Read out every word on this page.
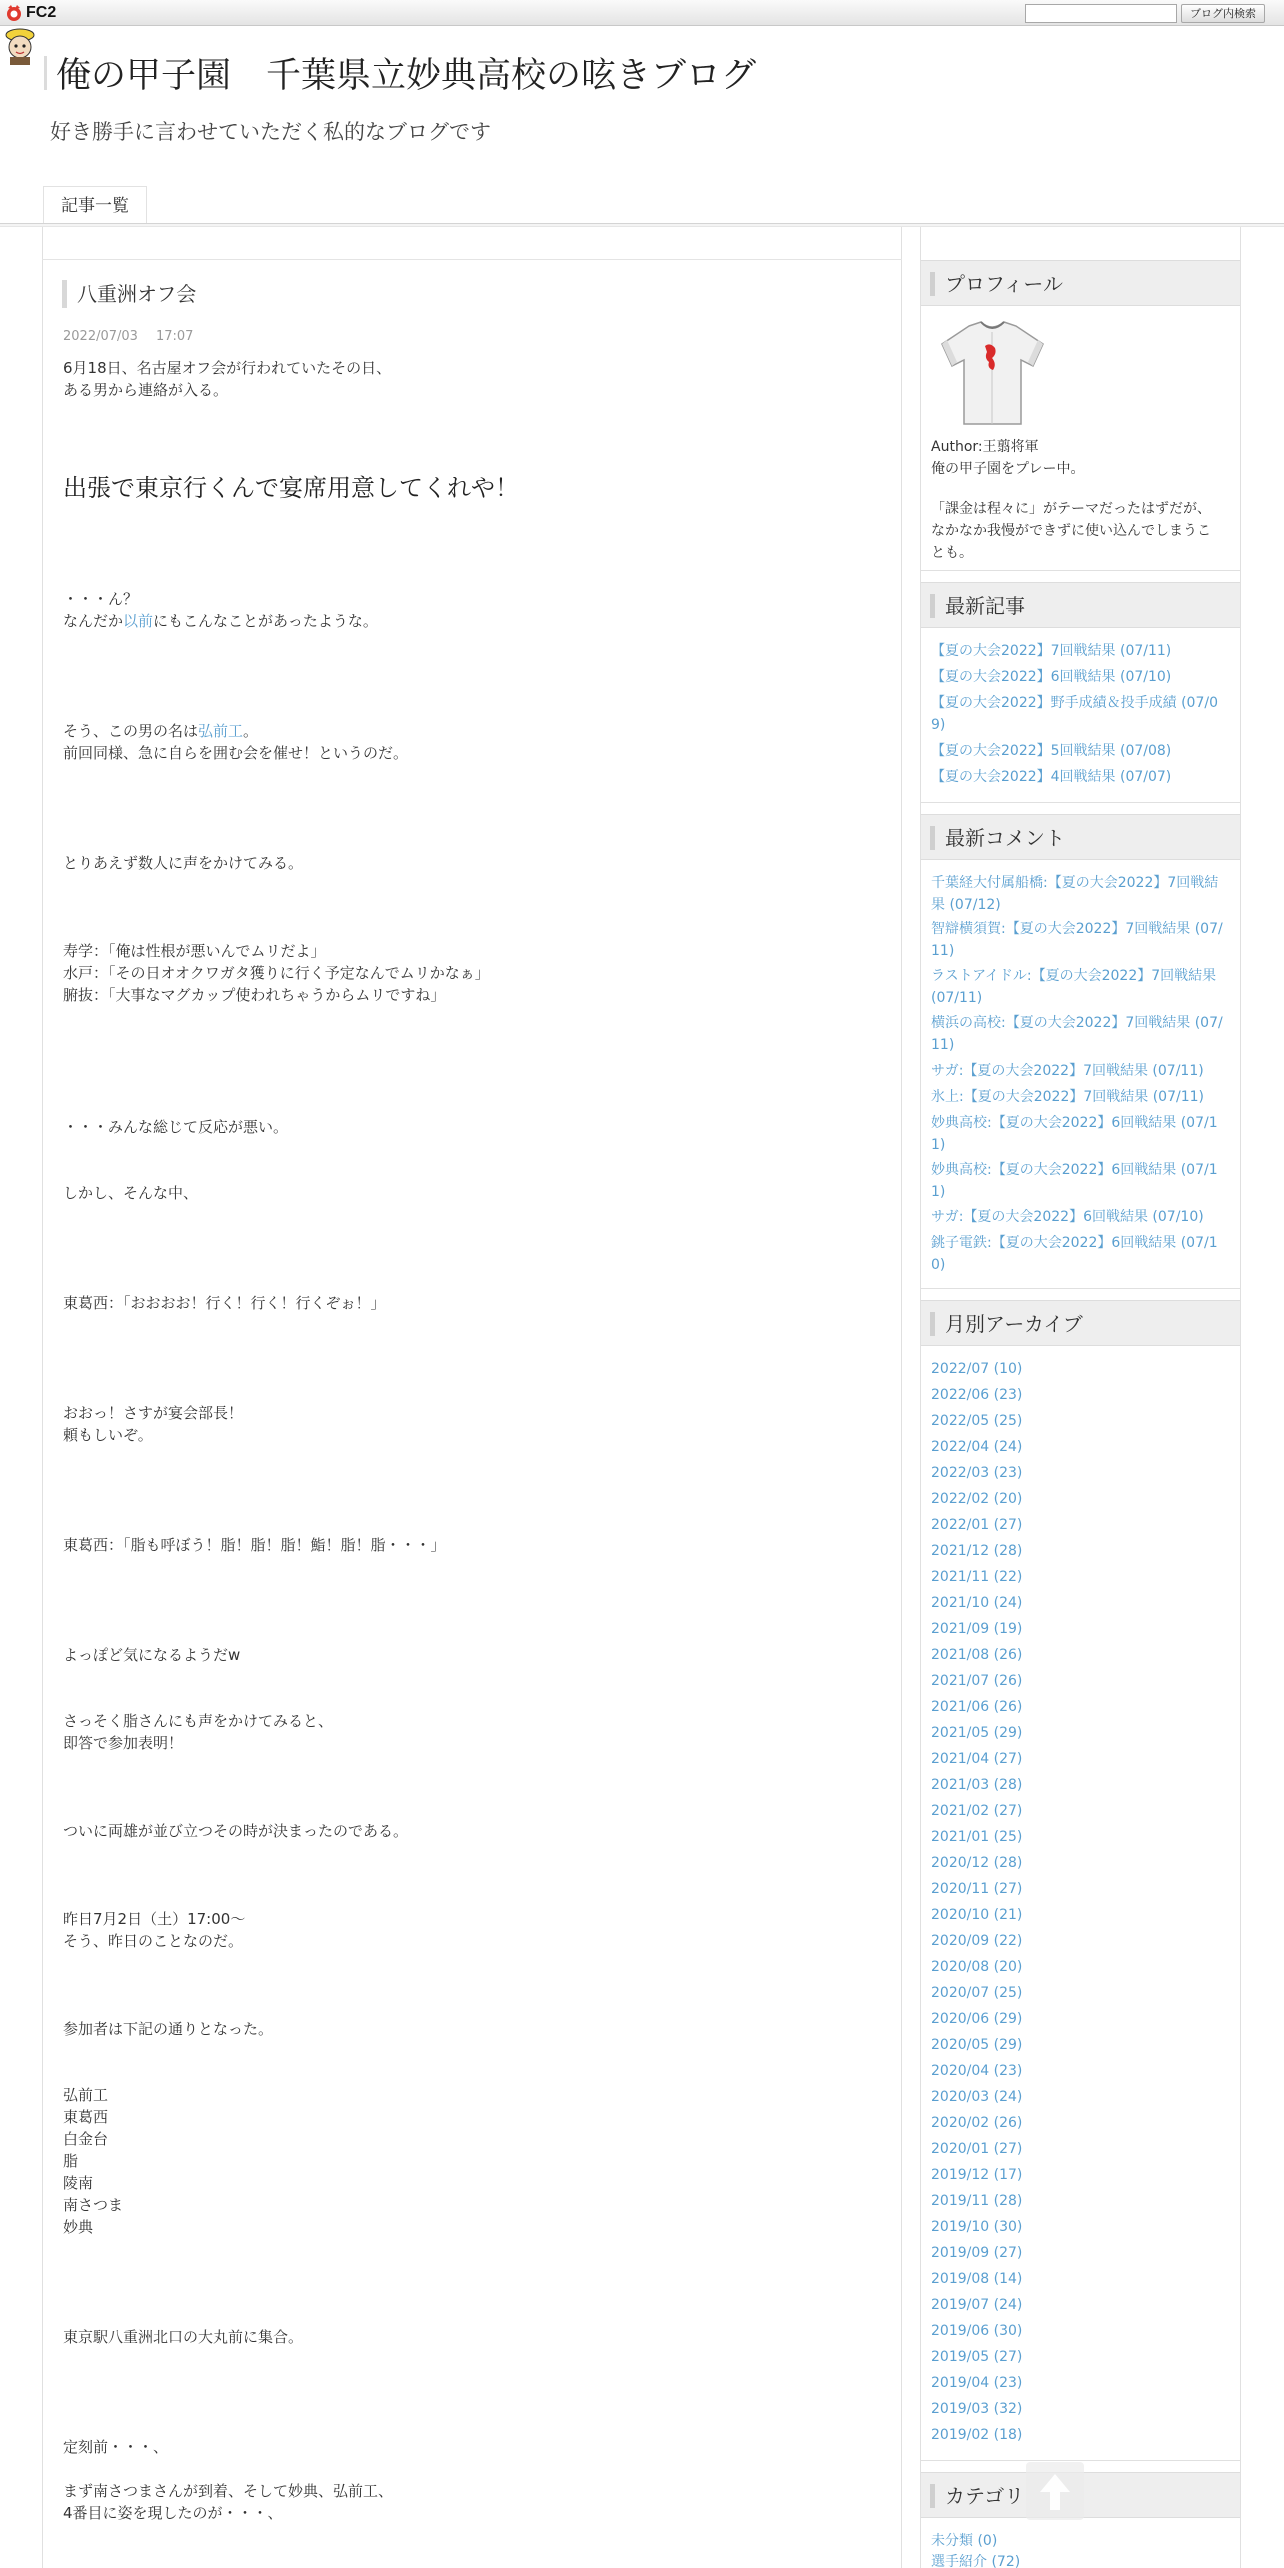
FC2	ブログ内検索
俺の甲子園　千葉県立妙典高校の呟きブログ
好き勝手に言わせていただく私的なブログです
記事一覧
八重洲オフ会
2022/07/03 17:07
6月18日、名古屋オフ会が行われていたその日、
ある男から連絡が入る。
出張で東京行くんで宴席用意してくれや！
・・・ん？
なんだか以前にもこんなことがあったような。
そう、この男の名は弘前工。
前回同様、急に自らを囲む会を催せ！というのだ。
とりあえず数人に声をかけてみる。
寿学：「俺は性根が悪いんでムリだよ」
水戸：「その日オオクワガタ獲りに行く予定なんでムリかなぁ」
腑抜：「大事なマグカップ使われちゃうからムリですね」
・・・みんな総じて反応が悪い。
しかし、そんな中、
東葛西：「おおおお！行く！行く！行くぞぉ！」
おおっ！さすが宴会部長！
頼もしいぞ。
東葛西：「脂も呼ぼう！脂！脂！脂！鮨！脂！脂・・・」
よっぽど気になるようだw
さっそく脂さんにも声をかけてみると、
即答で参加表明！
ついに両雄が並び立つその時が決まったのである。
昨日7月2日（土）17:00～
そう、昨日のことなのだ。
参加者は下記の通りとなった。
弘前工
東葛西
白金台
脂
陵南
南さつま
妙典
東京駅八重洲北口の大丸前に集合。
定刻前・・・、
まず南さつまさんが到着、そして妙典、弘前工、
4番目に姿を現したのが・・・、
プロフィール
Author:王翦将軍
俺の甲子園をプレー中。
「課金は程々に」がテーマだったはずだが、
なかなか我慢ができずに使い込んでしまうこ
とも。
最新記事
【夏の大会2022】7回戦結果 (07/11)
【夏の大会2022】6回戦結果 (07/10)
【夏の大会2022】野手成績＆投手成績 (07/0
9)
【夏の大会2022】5回戦結果 (07/08)
【夏の大会2022】4回戦結果 (07/07)
最新コメント
千葉経大付属船橋:【夏の大会2022】7回戦結
果 (07/12)
智辯横須賀:【夏の大会2022】7回戦結果 (07/
11)
ラストアイドル:【夏の大会2022】7回戦結果
(07/11)
横浜の高校:【夏の大会2022】7回戦結果 (07/
11)
サガ:【夏の大会2022】7回戦結果 (07/11)
氷上:【夏の大会2022】7回戦結果 (07/11)
妙典高校:【夏の大会2022】6回戦結果 (07/1
1)
妙典高校:【夏の大会2022】6回戦結果 (07/1
1)
サガ:【夏の大会2022】6回戦結果 (07/10)
銚子電鉄:【夏の大会2022】6回戦結果 (07/1
0)
月別アーカイブ
2022/07 (10)
2022/06 (23)
2022/05 (25)
2022/04 (24)
2022/03 (23)
2022/02 (20)
2022/01 (27)
2021/12 (28)
2021/11 (22)
2021/10 (24)
2021/09 (19)
2021/08 (26)
2021/07 (26)
2021/06 (26)
2021/05 (29)
2021/04 (27)
2021/03 (28)
2021/02 (27)
2021/01 (25)
2020/12 (28)
2020/11 (27)
2020/10 (21)
2020/09 (22)
2020/08 (20)
2020/07 (25)
2020/06 (29)
2020/05 (29)
2020/04 (23)
2020/03 (24)
2020/02 (26)
2020/01 (27)
2019/12 (17)
2019/11 (28)
2019/10 (30)
2019/09 (27)
2019/08 (14)
2019/07 (24)
2019/06 (30)
2019/05 (27)
2019/04 (23)
2019/03 (32)
2019/02 (18)
カテゴリ
未分類 (0)
選手紹介 (72)
